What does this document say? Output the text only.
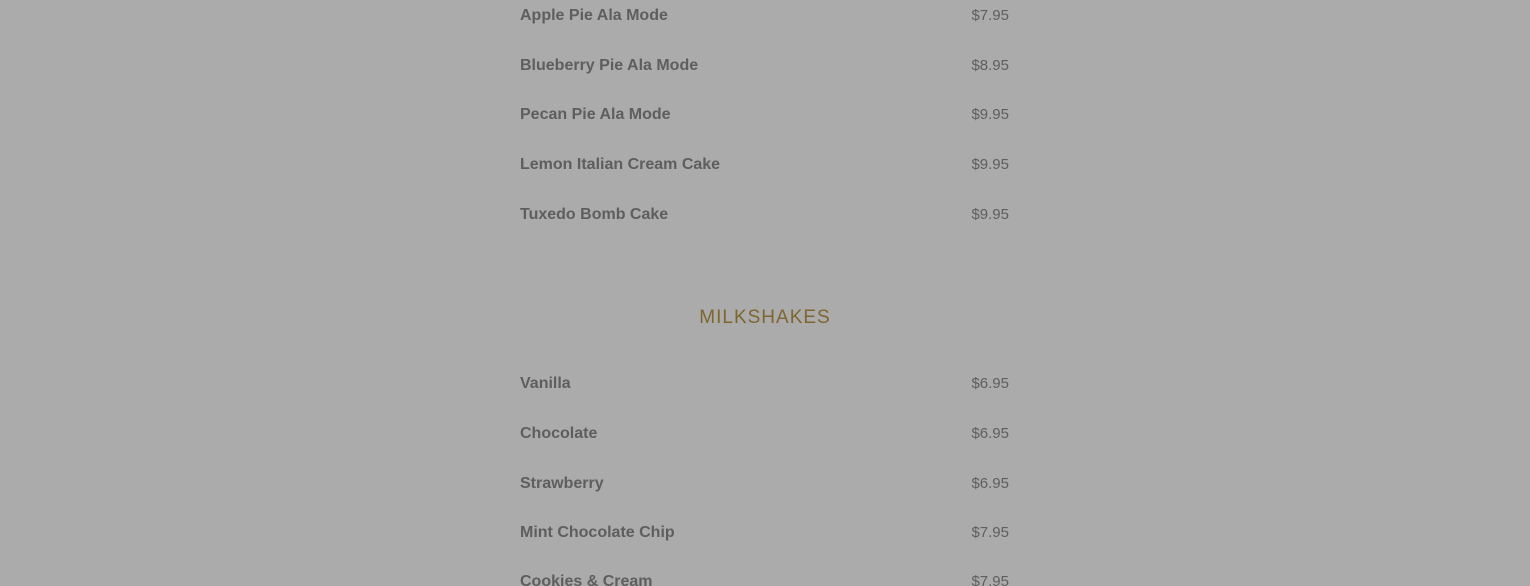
Apple Pie Ala Mode	$7.95
Blueberry Pie Ala Mode	$8.95
Pecan Pie Ala Mode	$9.95
Lemon Italian Cream Cake	$9.95
Tuxedo Bomb Cake	$9.95
MILKSHAKES
Vanilla	$6.95
Chocolate	$6.95
Strawberry	$6.95
Mint Chocolate Chip	$7.95
Cookies & Cream	$7.95
